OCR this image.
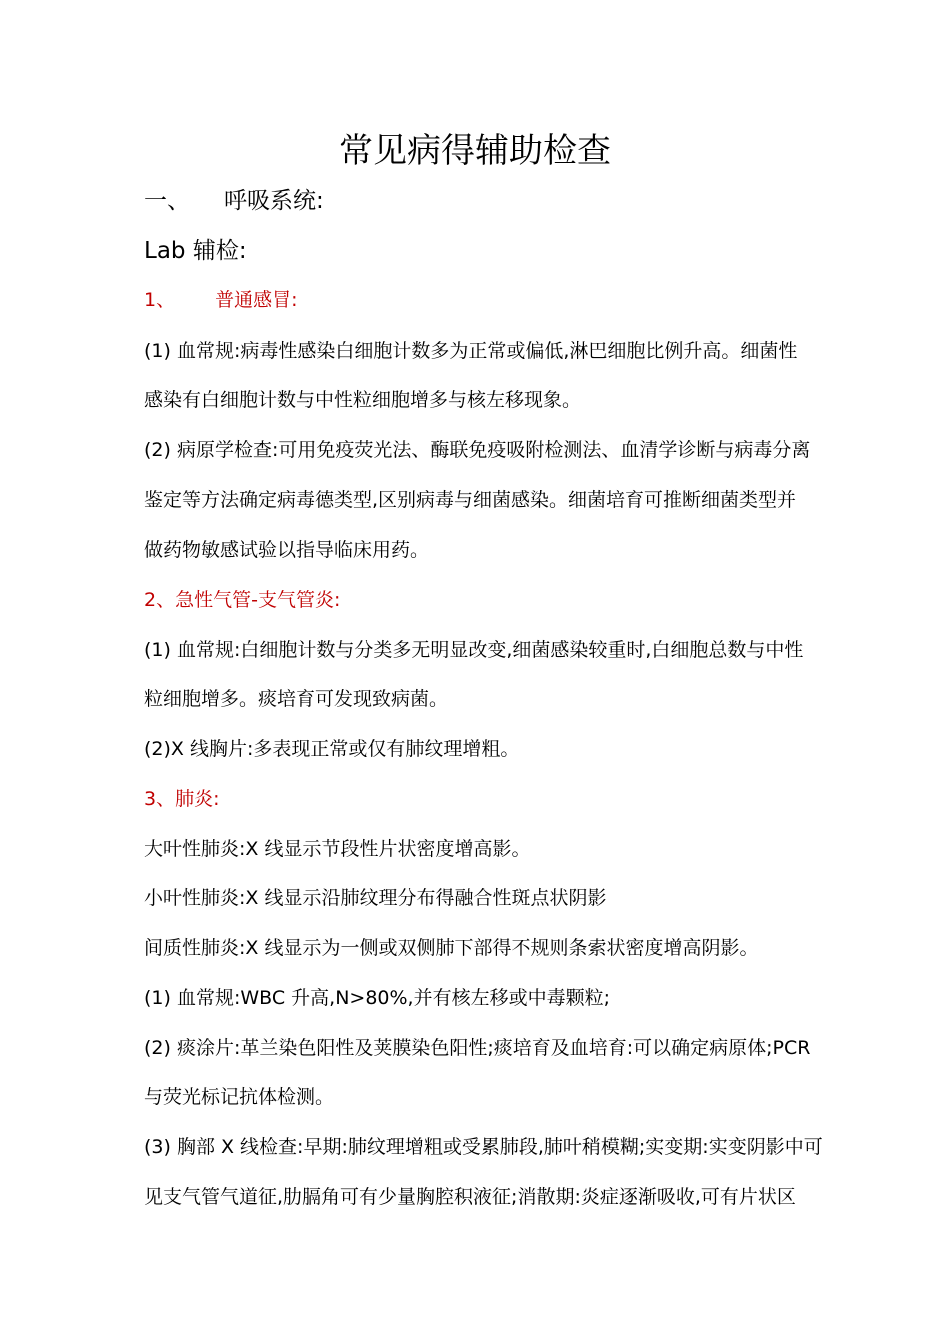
常见病得辅助检查
一、 呼吸系统:
Lab 辅检:
1、 普通感冒:
(1) 血常规:病毒性感染白细胞计数多为正常或偏低,淋巴细胞比例升高。细菌性
感染有白细胞计数与中性粒细胞增多与核左移现象。
(2) 病原学检查:可用免疫荧光法、酶联免疫吸附检测法、血清学诊断与病毒分离
鉴定等方法确定病毒德类型,区别病毒与细菌感染。细菌培育可推断细菌类型并
做药物敏感试验以指导临床用药。
2、急性气管-支气管炎:
(1) 血常规:白细胞计数与分类多无明显改变,细菌感染较重时,白细胞总数与中性
粒细胞增多。痰培育可发现致病菌。
(2)X 线胸片:多表现正常或仅有肺纹理增粗。
3、肺炎:
大叶性肺炎:X 线显示节段性片状密度增高影。
小叶性肺炎:X 线显示沿肺纹理分布得融合性斑点状阴影
间质性肺炎:X 线显示为一侧或双侧肺下部得不规则条索状密度增高阴影。
(1) 血常规:WBC 升高,N>80%,并有核左移或中毒颗粒;
(2) 痰涂片:革兰染色阳性及荚膜染色阳性;痰培育及血培育:可以确定病原体;PCR
与荧光标记抗体检测。
(3) 胸部 X 线检查:早期:肺纹理增粗或受累肺段,肺叶稍模糊;实变期:实变阴影中可
见支气管气道征,肋膈角可有少量胸腔积液征;消散期:炎症逐渐吸收,可有片状区
